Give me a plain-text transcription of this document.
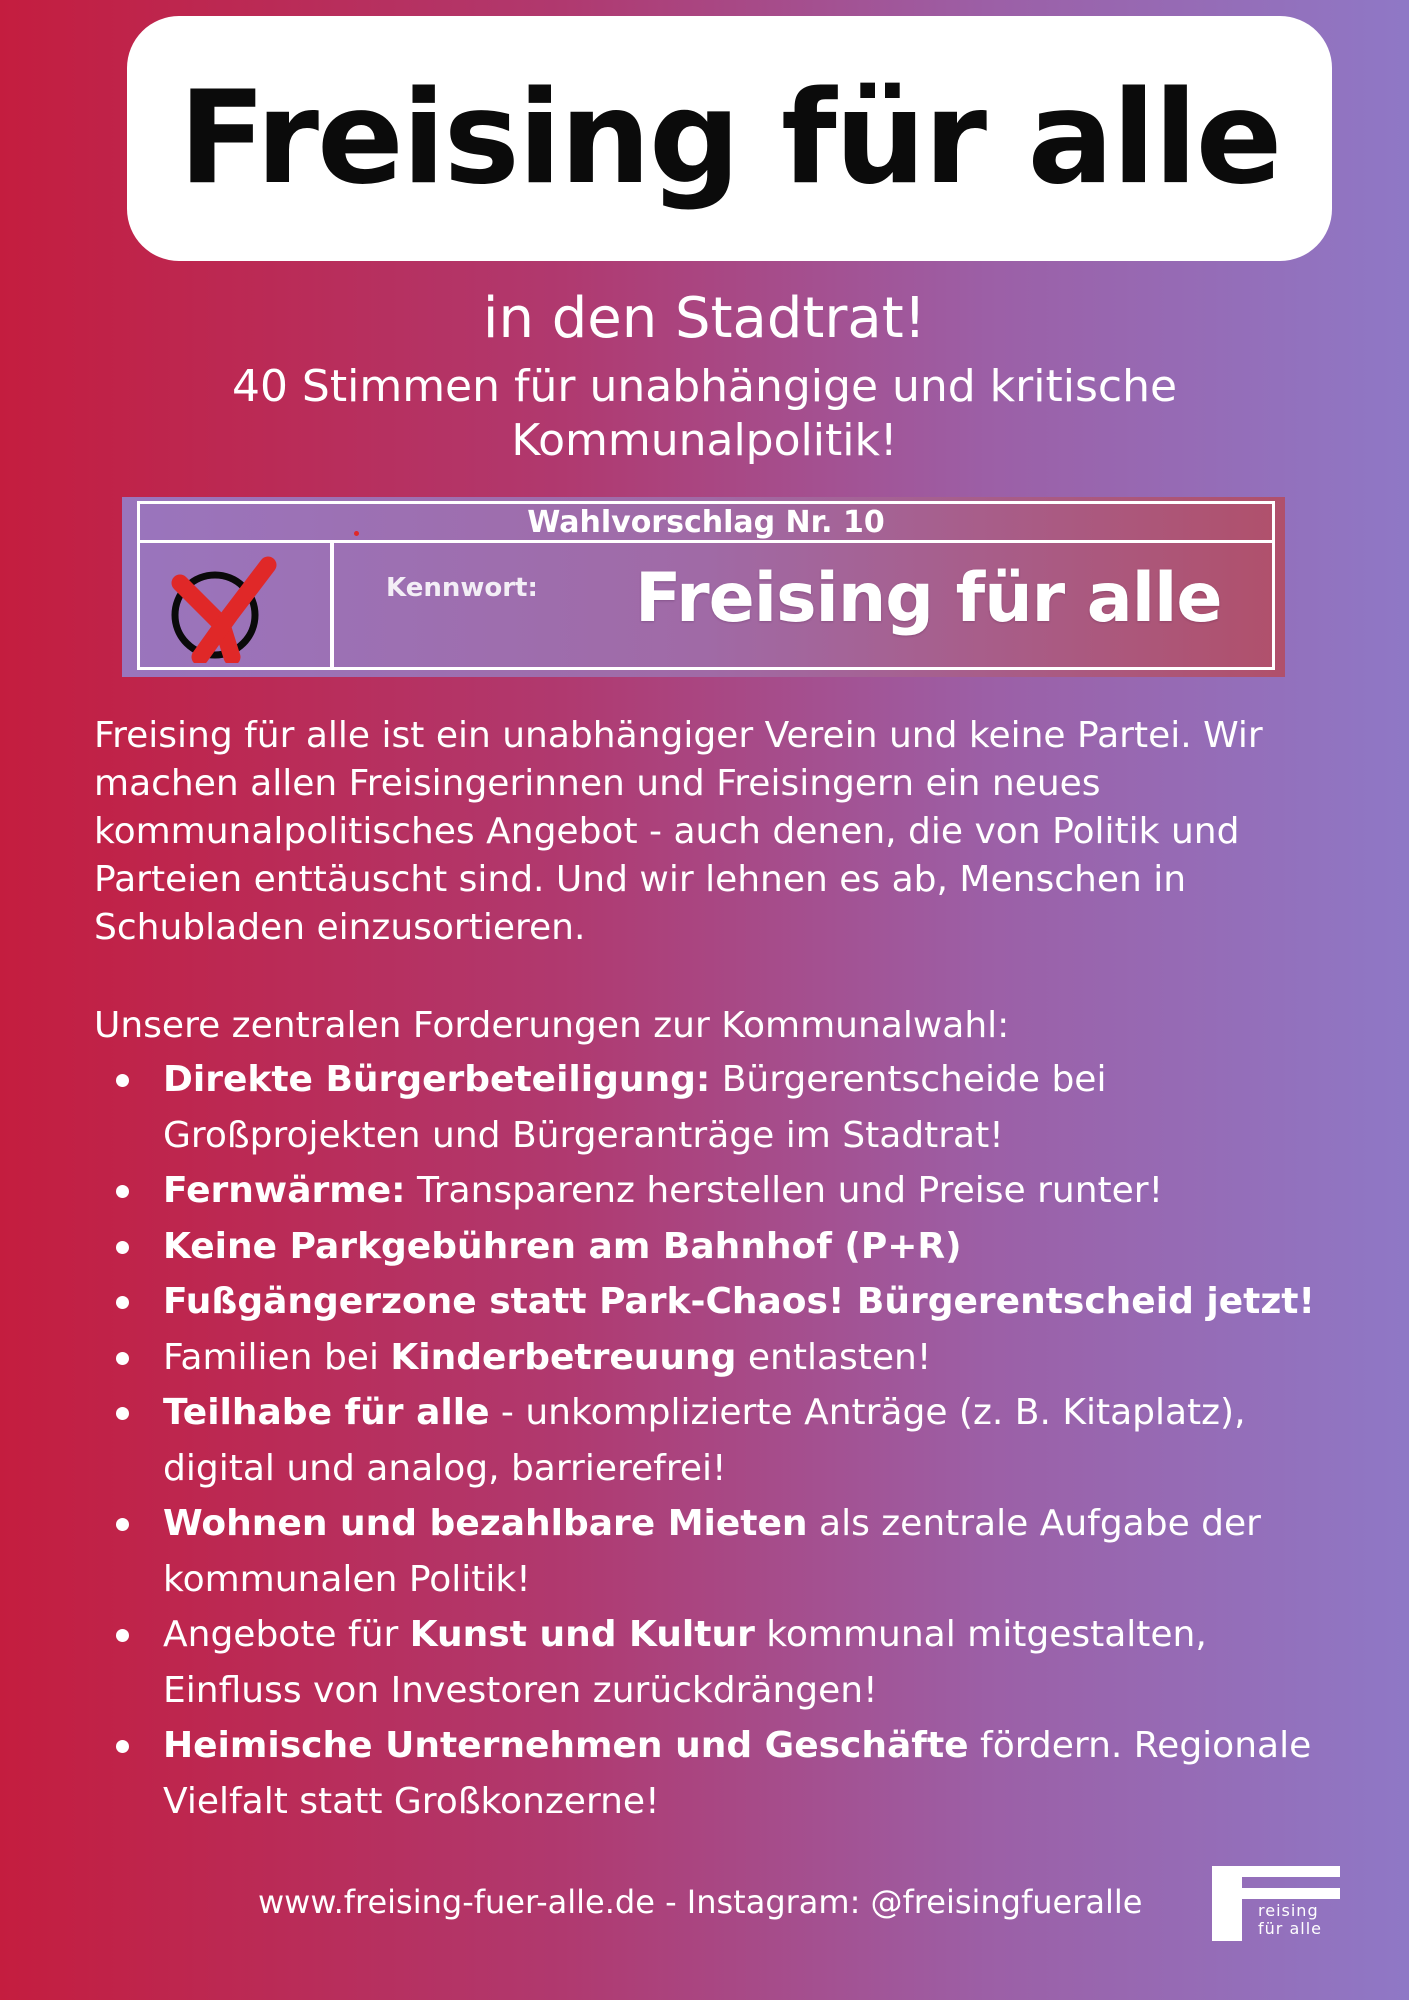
Freising für alle
in den Stadtrat!
40 Stimmen für unabhängige und kritische
Kommunalpolitik!
Wahlvorschlag Nr. 10
Kennwort: Freising für alle

Freising für alle ist ein unabhängiger Verein und keine Partei. Wir machen allen Freisingerinnen und Freisingern ein neues kommunalpolitisches Angebot - auch denen, die von Politik und Parteien enttäuscht sind. Und wir lehnen es ab, Menschen in Schubladen einzusortieren.

Unsere zentralen Forderungen zur Kommunalwahl:
Direkte Bürgerbeteiligung: Bürgerentscheide bei Großprojekten und Bürgeranträge im Stadtrat!
Fernwärme: Transparenz herstellen und Preise runter!
Keine Parkgebühren am Bahnhof (P+R)
Fußgängerzone statt Park-Chaos! Bürgerentscheid jetzt!
Familien bei Kinderbetreuung entlasten!
Teilhabe für alle - unkomplizierte Anträge (z. B. Kitaplatz), digital und analog, barrierefrei!
Wohnen und bezahlbare Mieten als zentrale Aufgabe der kommunalen Politik!
Angebote für Kunst und Kultur kommunal mitgestalten, Einfluss von Investoren zurückdrängen!
Heimische Unternehmen und Geschäfte fördern. Regionale Vielfalt statt Großkonzerne!
www.freising-fuer-alle.de - Instagram: @freisingfueralle	reising
für alle
